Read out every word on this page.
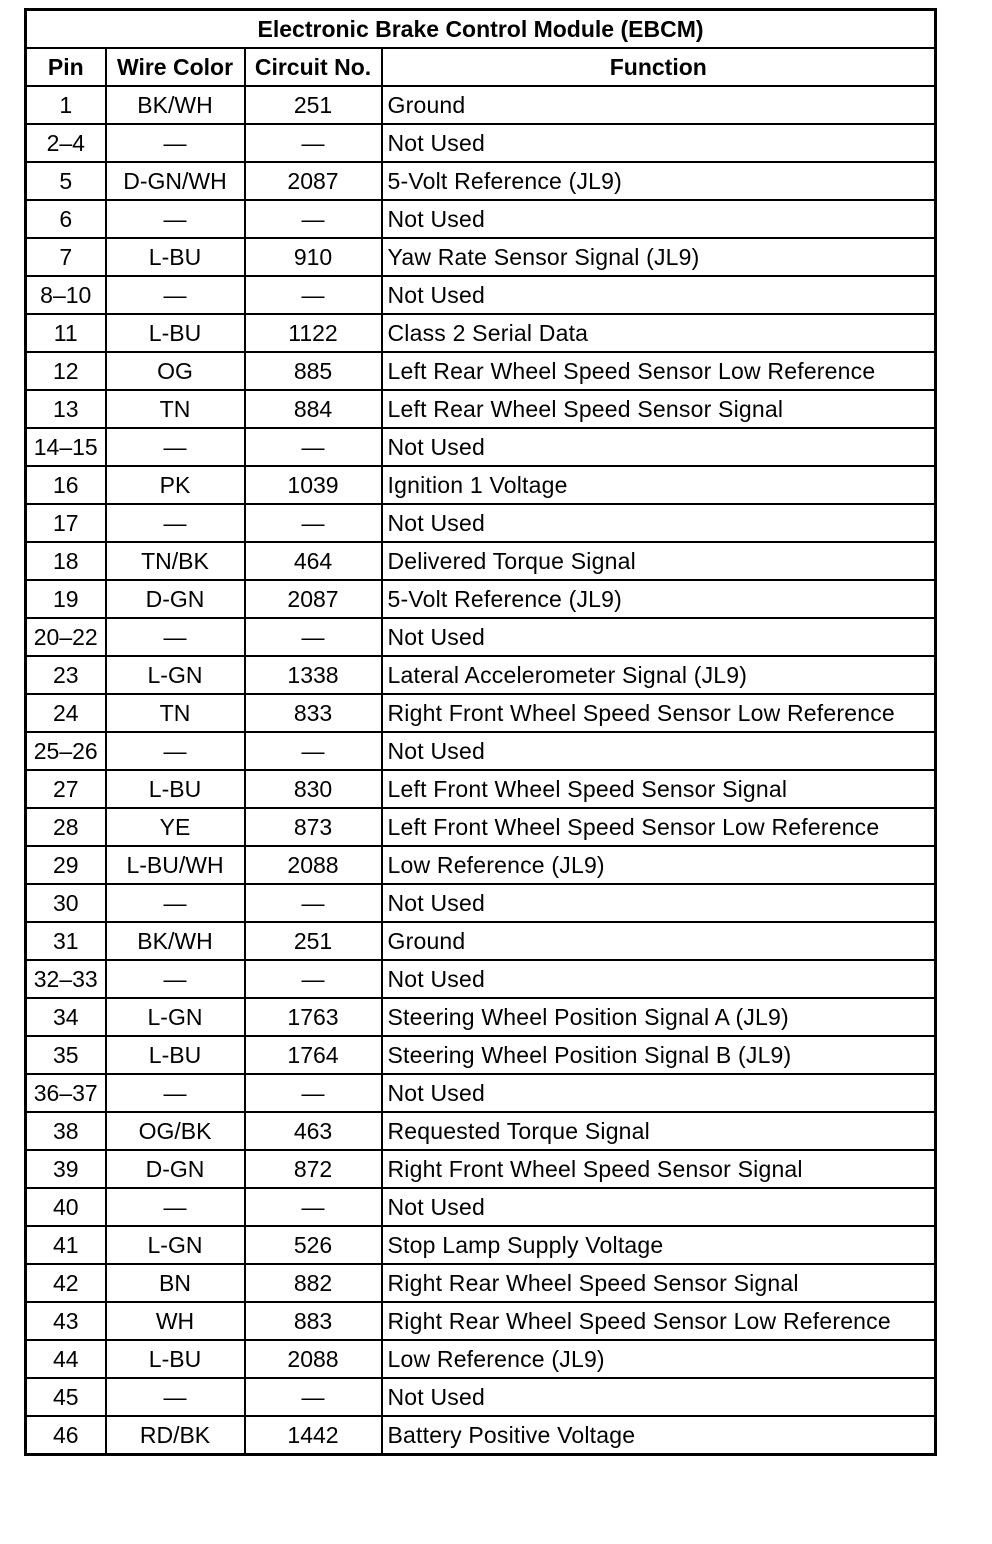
Electronic Brake Control Module (EBCM)			
Pin	Wire Color	Circuit No.	Function
1	BK/WH	251	Ground
2–4	—	—	Not Used
5	D-GN/WH	2087	5-Volt Reference (JL9)
6	—	—	Not Used
7	L-BU	910	Yaw Rate Sensor Signal (JL9)
8–10	—	—	Not Used
11	L-BU	1122	Class 2 Serial Data
12	OG	885	Left Rear Wheel Speed Sensor Low Reference
13	TN	884	Left Rear Wheel Speed Sensor Signal
14–15	—	—	Not Used
16	PK	1039	Ignition 1 Voltage
17	—	—	Not Used
18	TN/BK	464	Delivered Torque Signal
19	D-GN	2087	5-Volt Reference (JL9)
20–22	—	—	Not Used
23	L-GN	1338	Lateral Accelerometer Signal (JL9)
24	TN	833	Right Front Wheel Speed Sensor Low Reference
25–26	—	—	Not Used
27	L-BU	830	Left Front Wheel Speed Sensor Signal
28	YE	873	Left Front Wheel Speed Sensor Low Reference
29	L-BU/WH	2088	Low Reference (JL9)
30	—	—	Not Used
31	BK/WH	251	Ground
32–33	—	—	Not Used
34	L-GN	1763	Steering Wheel Position Signal A (JL9)
35	L-BU	1764	Steering Wheel Position Signal B (JL9)
36–37	—	—	Not Used
38	OG/BK	463	Requested Torque Signal
39	D-GN	872	Right Front Wheel Speed Sensor Signal
40	—	—	Not Used
41	L-GN	526	Stop Lamp Supply Voltage
42	BN	882	Right Rear Wheel Speed Sensor Signal
43	WH	883	Right Rear Wheel Speed Sensor Low Reference
44	L-BU	2088	Low Reference (JL9)
45	—	—	Not Used
46	RD/BK	1442	Battery Positive Voltage
